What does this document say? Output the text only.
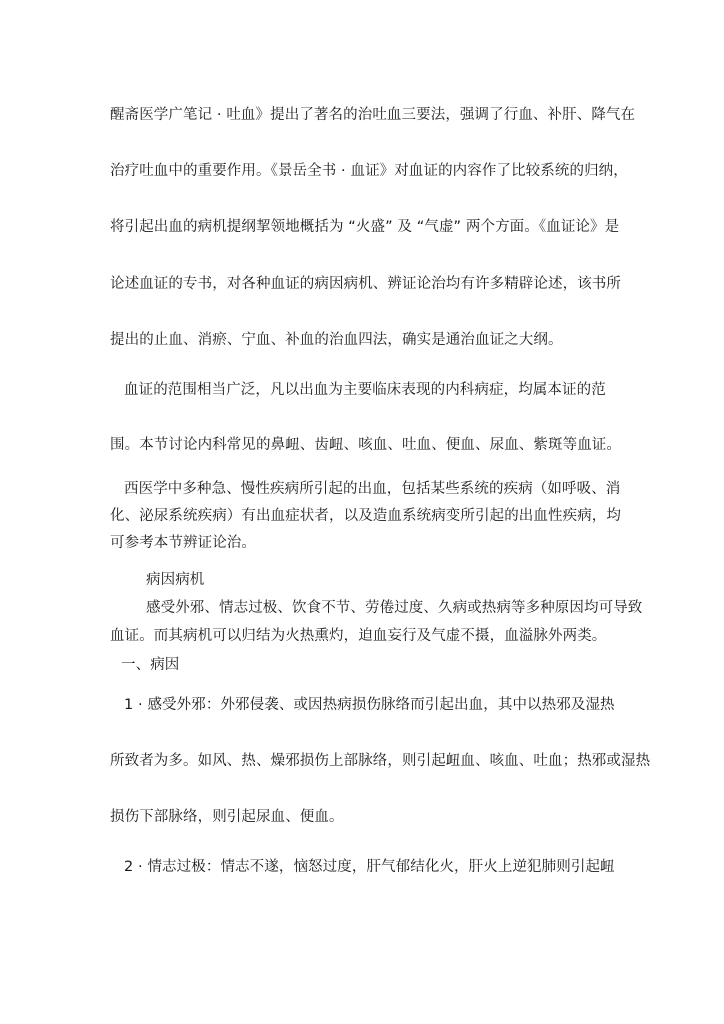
醒斋医学广笔记 · 吐血》提出了著名的治吐血三要法，强调了行血、补肝、降气在
治疗吐血中的重要作用。《景岳全书 · 血证》对血证的内容作了比较系统的归纳，
将引起出血的病机提纲挈领地概括为 “火盛” 及 “气虚” 两个方面。《血证论》是
论述血证的专书，对各种血证的病因病机、辨证论治均有许多精辟论述，该书所
提出的止血、消瘀、宁血、补血的治血四法，确实是通治血证之大纲。
血证的范围相当广泛，凡以出血为主要临床表现的内科病症，均属本证的范
围。本节讨论内科常见的鼻衄、齿衄、咳血、吐血、便血、尿血、紫斑等血证。
西医学中多种急、慢性疾病所引起的出血，包括某些系统的疾病（如呼吸、消
化、泌尿系统疾病）有出血症状者，以及造血系统病变所引起的出血性疾病，均
可参考本节辨证论治。
病因病机
感受外邪、情志过极、饮食不节、劳倦过度、久病或热病等多种原因均可导致
血证。而其病机可以归结为火热熏灼，迫血妄行及气虚不摄，血溢脉外两类。
一、病因
1 · 感受外邪：外邪侵袭、或因热病损伤脉络而引起出血，其中以热邪及湿热
所致者为多。如风、热、燥邪损伤上部脉络，则引起衄血、咳血、吐血；热邪或湿热
损伤下部脉络，则引起尿血、便血。
2 · 情志过极：情志不遂，恼怒过度，肝气郁结化火，肝火上逆犯肺则引起衄
